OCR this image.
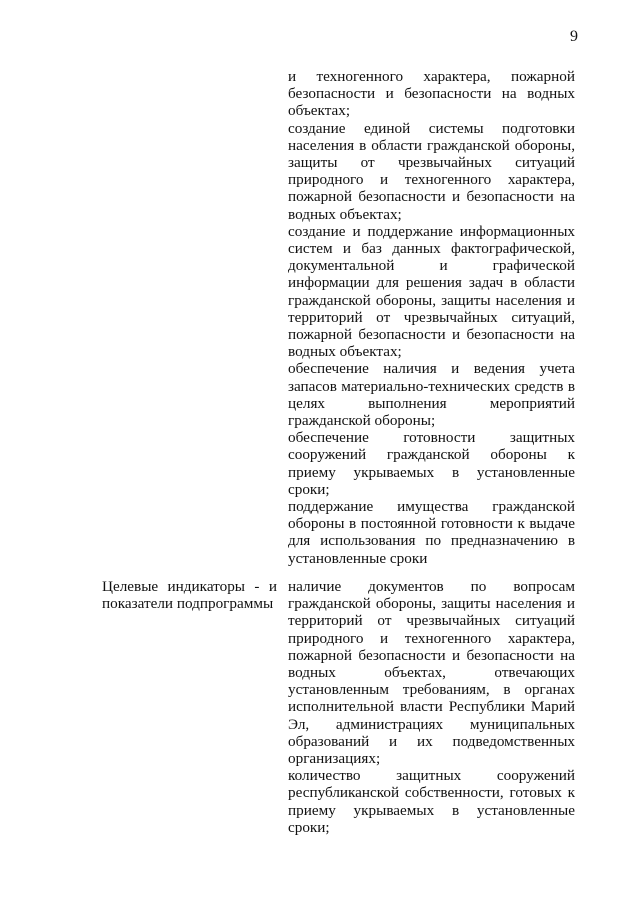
9

и техногенного характера, пожарной безопасности и безопасности на водных объектах;

создание единой системы подготовки населения в области гражданской обороны, защиты от чрезвычайных ситуаций природного и техногенного характера, пожарной безопасности и безопасности на водных объектах;

создание и поддержание информационных систем и баз данных фактографической, документальной и графической информации для решения задач в области гражданской обороны, защиты населения и территорий от чрезвычайных ситуаций, пожарной безопасности и безопасности на водных объектах;

обеспечение наличия и ведения учета запасов материально-технических средств в целях выполнения мероприятий гражданской обороны;

обеспечение готовности защитных сооружений гражданской обороны к приему укрываемых в установленные сроки;

поддержание имущества гражданской обороны в постоянной готовности к выдаче для использования по предназначению в установленные сроки

Целевые индикаторы - и показатели подпрограммы

наличие документов по вопросам гражданской обороны, защиты населения и территорий от чрезвычайных ситуаций природного и техногенного характера, пожарной безопасности и безопасности на водных объектах, отвечающих установленным требованиям, в органах исполнительной власти Республики Марий Эл, администрациях муниципальных образований и их подведомственных организациях;

количество защитных сооружений республиканской собственности, готовых к приему укрываемых в установленные сроки;
